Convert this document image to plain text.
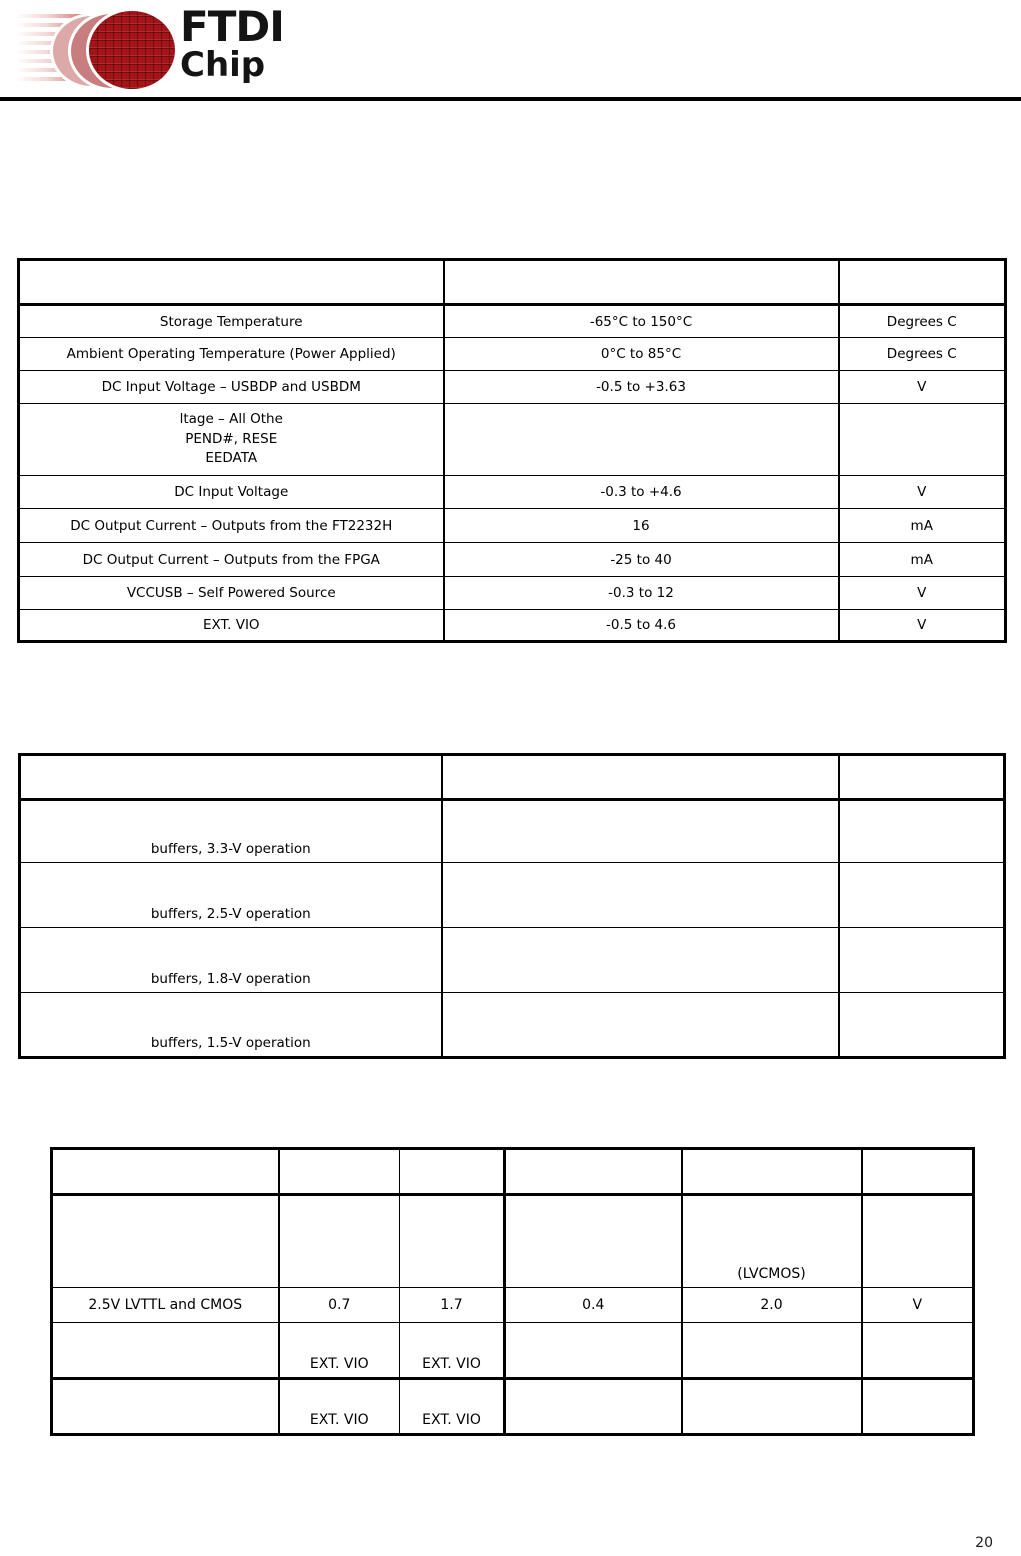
FTDI
Chip

Storage Temperature	-65°C to 150°C	Degrees C
Ambient Operating Temperature (Power Applied)	0°C to 85°C	Degrees C
DC Input Voltage – USBDP and USBDM	-0.5 to +3.63	V
ltage – All Othe
PEND#, RESE
EEDATA		
DC Input Voltage	-0.3 to +4.6	V
DC Output Current – Outputs from the FT2232H	16	mA
DC Output Current – Outputs from the FPGA	-25 to 40	mA
VCCUSB – Self Powered Source	-0.3 to 12	V
EXT. VIO	-0.5 to 4.6	V

buffers, 3.3-V operation		
buffers, 2.5-V operation		
buffers, 1.8-V operation		
buffers, 1.5-V operation		

				(LVCMOS)	
2.5V LVTTL and CMOS	0.7	1.7	0.4	2.0	V
	EXT. VIO	EXT. VIO			
	EXT. VIO	EXT. VIO			
20
